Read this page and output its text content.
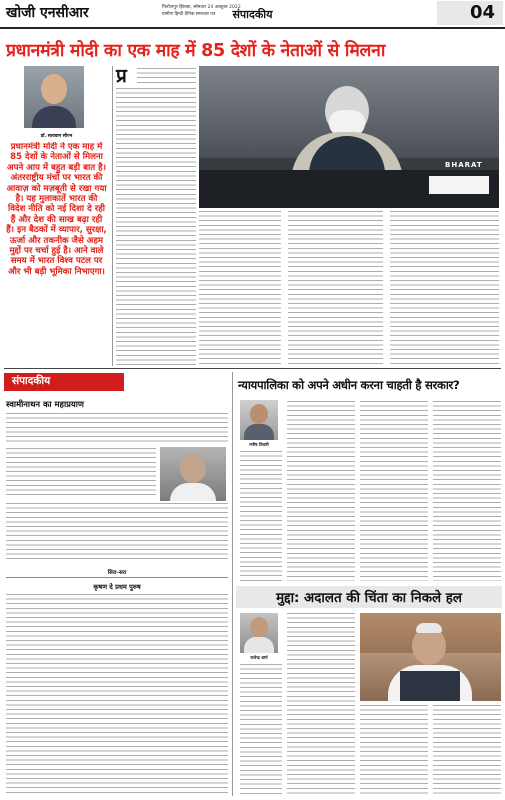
खोजी एनसीआर	फिरोजपुर झिरका, सोमवार 24 अक्टूबर 2022
ग्रामीण हिन्दी दैनिक समाचार पत्र	संपादकीय	04
प्रधानमंत्री मोदी का एक माह में 85 देशों के नेताओं से मिलना
डॉ. सत्यवान सौरभ
प्रधानमंत्री मोदी ने एक माह में 85 देशों के नेताओं से मिलना अपने आप में बहुत बड़ी बात है। अंतरराष्ट्रीय मंचों पर भारत की आवाज़ को मज़बूती से रखा गया है। यह मुलाकातें भारत की विदेश नीति को नई दिशा दे रही हैं और देश की साख बढ़ा रही हैं। इन बैठकों में व्यापार, सुरक्षा, ऊर्जा और तकनीक जैसे अहम मुद्दों पर चर्चा हुई है। आने वाले समय में भारत विश्व पटल पर और भी बड़ी भूमिका निभाएगा।
प्र
BHARAT
संपादकीय
स्वामीनाथन का महाप्रयाण
सिरा–सरा
कृषण दे प्रधम पुरुष
न्यायपालिका को अपने अधीन करना चाहती है सरकार?
मनीष तिवारी
मुद्दा: अदालत की चिंता का निकले हल
राजेन्द्र शर्मा
